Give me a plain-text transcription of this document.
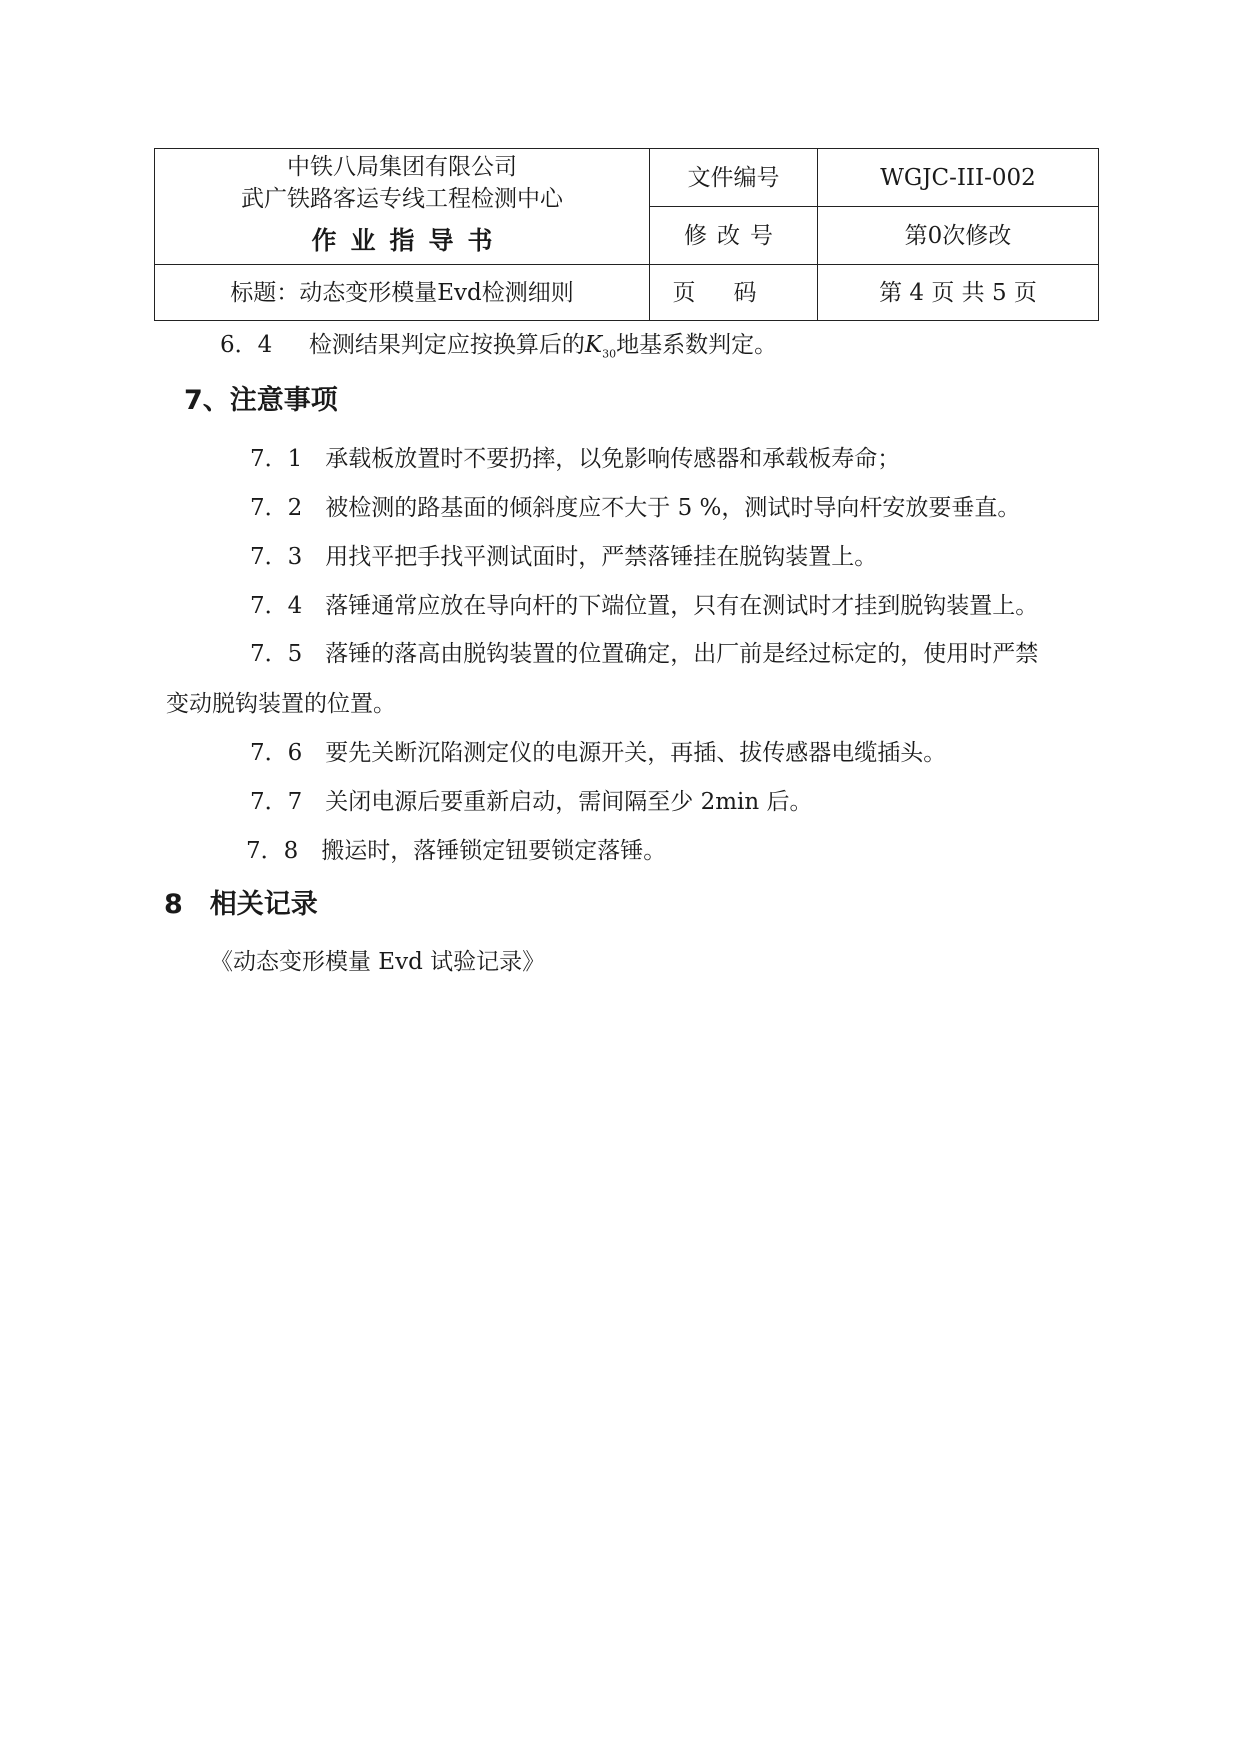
中铁八局集团有限公司
武广铁路客运专线工程检测中心
作业指导书	文件编号	WGJC-III-002
	修改号	第0次修改
标题：动态变形模量Evd检测细则	页码	第 4 页 共 5 页
6．4 检测结果判定应按换算后的$K_{30}$地基系数判定。
7、注意事项
7．1　承载板放置时不要扔摔，以免影响传感器和承载板寿命；
7．2　被检测的路基面的倾斜度应不大于 5 %，测试时导向杆安放要垂直。
7．3　用找平把手找平测试面时，严禁落锤挂在脱钩装置上。
7．4　落锤通常应放在导向杆的下端位置，只有在测试时才挂到脱钩装置上。
7．5　落锤的落高由脱钩装置的位置确定，出厂前是经过标定的，使用时严禁
变动脱钩装置的位置。
7．6　要先关断沉陷测定仪的电源开关，再插、拔传感器电缆插头。
7．7　关闭电源后要重新启动，需间隔至少 2min 后。
7．8　搬运时，落锤锁定钮要锁定落锤。
8　相关记录
《动态变形模量 Evd 试验记录》
